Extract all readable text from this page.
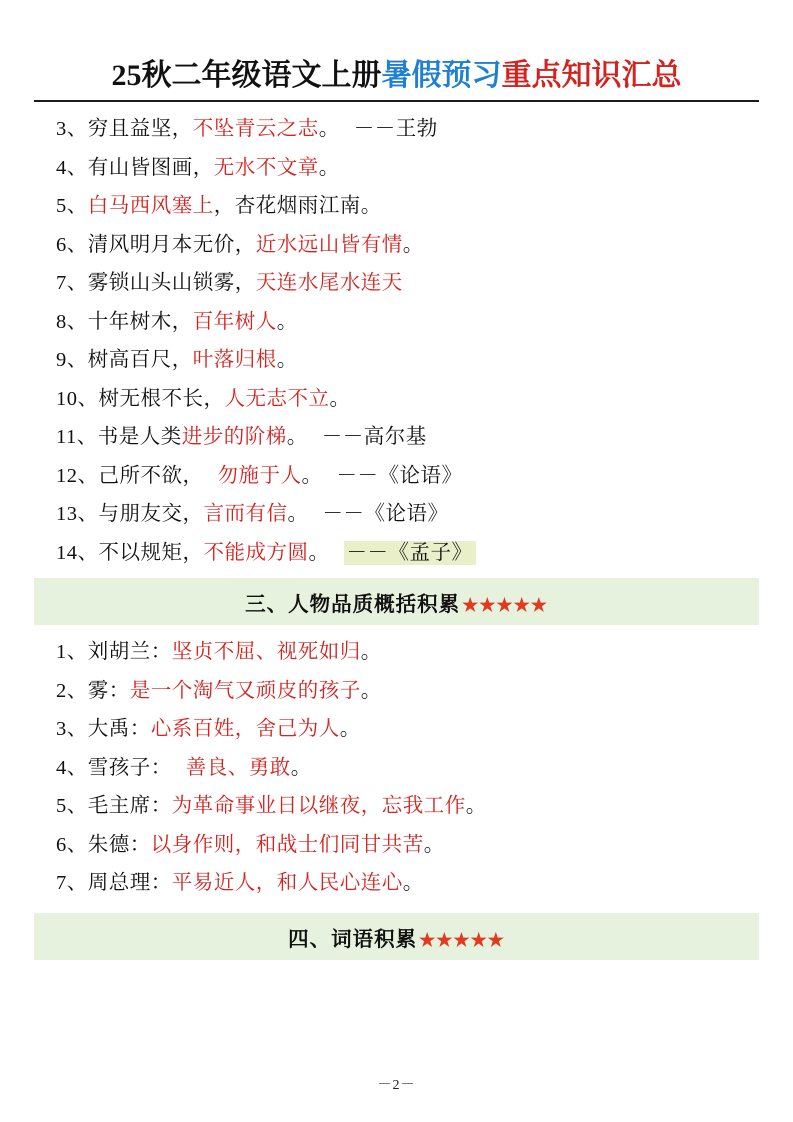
25秋二年级语文上册暑假预习重点知识汇总
3、穷且益坚，不坠青云之志。 －－王勃
4、有山皆图画，无水不文章。
5、白马西风塞上，杏花烟雨江南。
6、清风明月本无价，近水远山皆有情。
7、雾锁山头山锁雾，天连水尾水连天
8、十年树木，百年树人。
9、树高百尺，叶落归根。
10、树无根不长，人无志不立。
11、书是人类进步的阶梯。 －－高尔基
12、己所不欲， 勿施于人。 －－《论语》
13、与朋友交，言而有信。 －－《论语》
14、不以规矩，不能成方圆。 －－《孟子》
三、人物品质概括积累 ★★★★★
1、刘胡兰：坚贞不屈、视死如归。
2、雾：是一个淘气又顽皮的孩子。
3、大禹：心系百姓，舍己为人。
4、雪孩子： 善良、勇敢。
5、毛主席：为革命事业日以继夜，忘我工作。
6、朱德：以身作则，和战士们同甘共苦。
7、周总理：平易近人，和人民心连心。
四、词语积累 ★★★★★
－2－
